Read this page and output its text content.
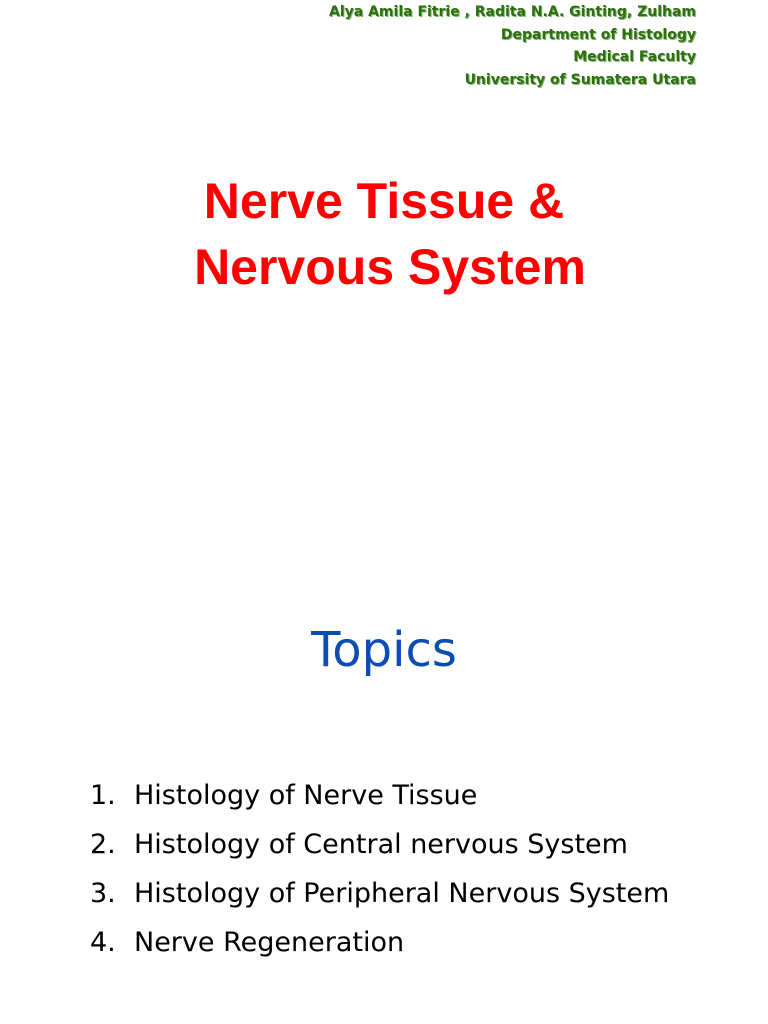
Alya Amila Fitrie , Radita N.A. Ginting, Zulham
Department of Histology
Medical Faculty
University of Sumatera Utara
Nerve Tissue &
Nervous System
Topics
1. Histology of Nerve Tissue
2. Histology of Central nervous System
3. Histology of Peripheral Nervous System
4. Nerve Regeneration
